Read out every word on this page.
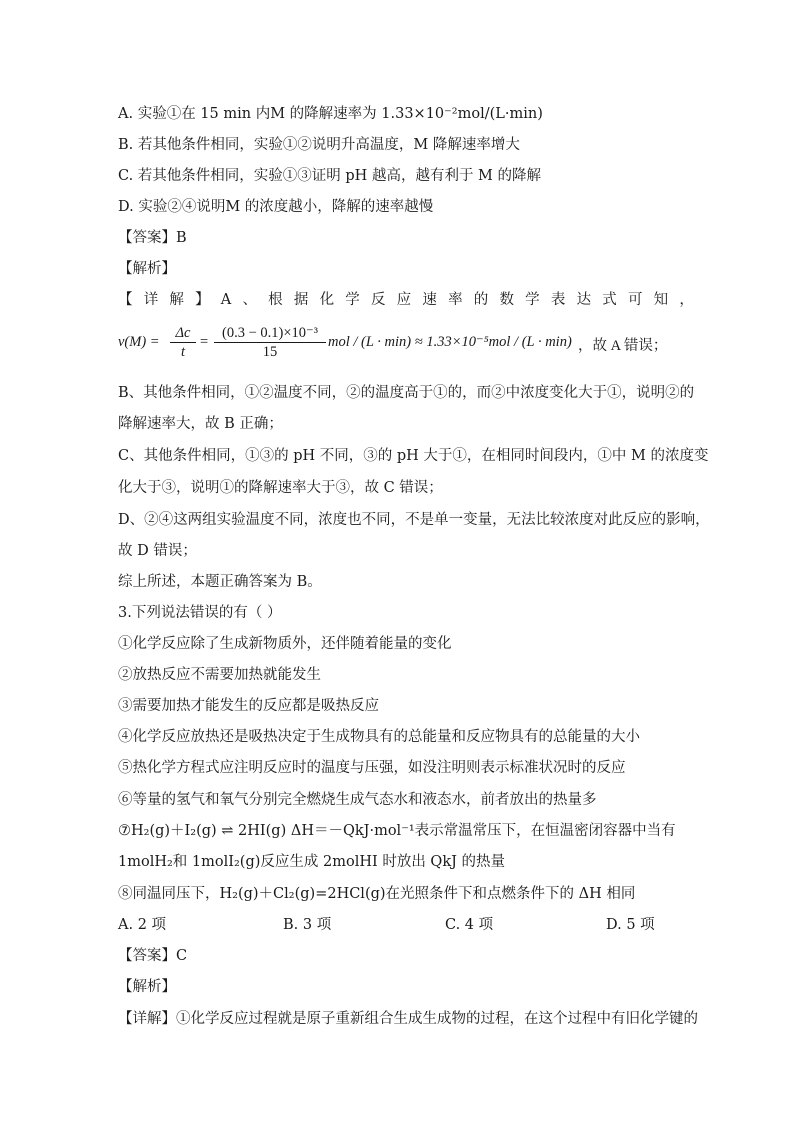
A. 实验①在 15 min 内M 的降解速率为 1.33×10⁻²mol/(L·min)
B. 若其他条件相同，实验①②说明升高温度，M 降解速率增大
C. 若其他条件相同，实验①③证明 pH 越高，越有利于 M 的降解
D. 实验②④说明M 的浓度越小，降解的速率越慢
【答案】B
【解析】
【详解】A、根据化学反应速率的数学表达式可知，
$v(M) = \frac{\Delta c}{t} = \frac{\text{(0.3 − 0.1)×10⁻³}}{15}$ mol / (L · min) ≈ 1.33×10⁻⁵mol / (L · min) ，故 A 错误；
B、其他条件相同，①②温度不同，②的温度高于①的，而②中浓度变化大于①，说明②的
降解速率大，故 B 正确；
C、其他条件相同，①③的 pH 不同，③的 pH 大于①，在相同时间段内，①中 M 的浓度变
化大于③，说明①的降解速率大于③，故 C 错误；
D、②④这两组实验温度不同，浓度也不同，不是单一变量，无法比较浓度对此反应的影响，
故 D 错误；
综上所述，本题正确答案为 B。
3.下列说法错误的有（ ）
①化学反应除了生成新物质外，还伴随着能量的变化
②放热反应不需要加热就能发生
③需要加热才能发生的反应都是吸热反应
④化学反应放热还是吸热决定于生成物具有的总能量和反应物具有的总能量的大小
⑤热化学方程式应注明反应时的温度与压强，如没注明则表示标准状况时的反应
⑥等量的氢气和氧气分别完全燃烧生成气态水和液态水，前者放出的热量多
⑦H₂(g)＋I₂(g) ⇌ 2HI(g) ΔH＝－QkJ·mol⁻¹表示常温常压下，在恒温密闭容器中当有
1molH₂和 1molI₂(g)反应生成 2molHI 时放出 QkJ 的热量
⑧同温同压下，H₂(g)＋Cl₂(g)=2HCl(g)在光照条件下和点燃条件下的 ΔH 相同
A. 2 项	B. 3 项	C. 4 项	D. 5 项
【答案】C
【解析】
【详解】①化学反应过程就是原子重新组合生成生成物的过程，在这个过程中有旧化学键的
